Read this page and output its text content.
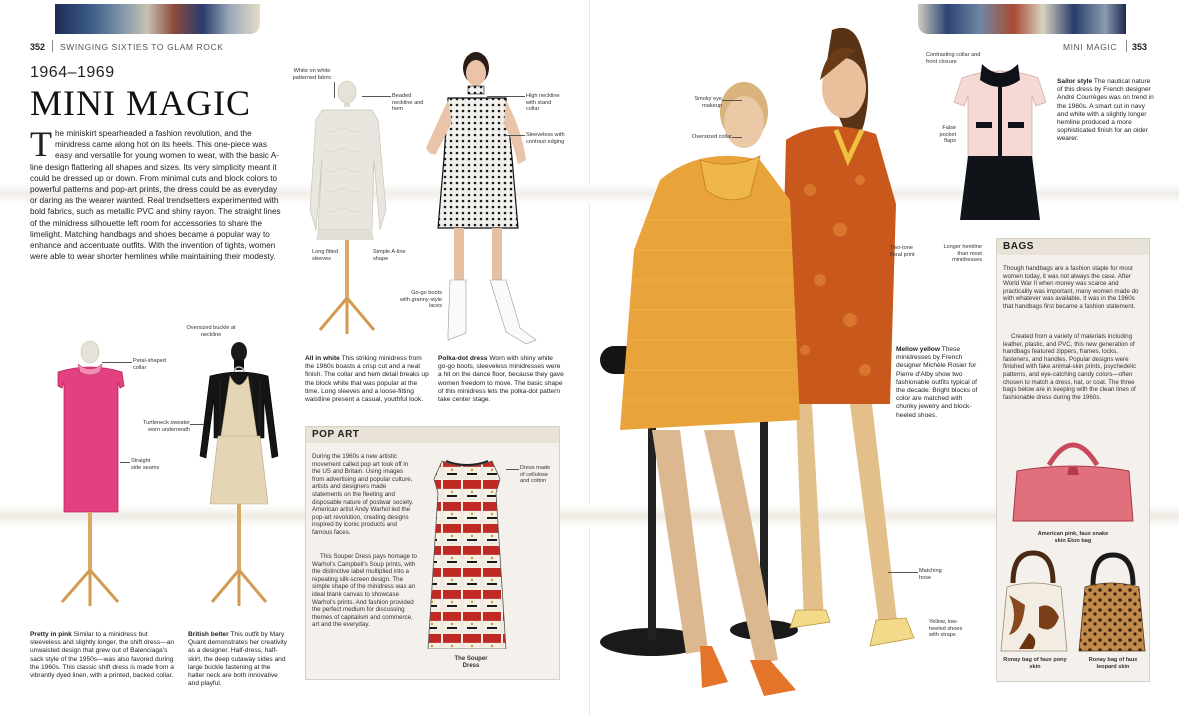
352 SWINGING SIXTIES TO GLAM ROCK	MINI MAGIC 353
1964–1969
MINI MAGIC
The miniskirt spearheaded a fashion revolution, and the minidress came along hot on its heels. This one-piece was easy and versatile for young women to wear, with the basic A-line design flattering all shapes and sizes. Its very simplicity meant it could be dressed up or down. From minimal cuts and block colors to powerful patterns and pop-art prints, the dress could be as everyday or daring as the wearer wanted. Real trendsetters experimented with bold fabrics, such as metallic PVC and shiny rayon. The straight lines of the minidress silhouette left room for accessories to share the limelight. Matching handbags and shoes became a popular way to enhance and accentuate outfits. With the invention of tights, women were able to wear shorter hemlines while maintaining their modesty.
White on white patterned fabric
Beaded neckline and hem
Long fitted sleeves
Simple A-line shape
All in white This striking minidress from the 1960s boasts a crisp cut and a neat finish. The collar and hem detail breaks up the block white that was popular at the time. Long sleeves and a loose-fitting waistline present a casual, youthful look.
High neckline with stand collar
Sleeveless with contrast edging
Go-go boots with granny-style laces
Polka-dot dress Worn with shiny white go-go boots, sleeveless minidresses were a hit on the dance floor, because they gave women freedom to move. The basic shape of this minidress lets the polka-dot pattern take center stage.
Petal-shaped collar
Straight side seams
Pretty in pink Similar to a minidress but sleeveless and slightly longer, the shift dress—an unwaisted design that grew out of Balenciaga's sack style of the 1950s—was also favored during the 1960s. This classic shift dress is made from a vibrantly dyed linen, with a printed, backed collar.
Oversized buckle at neckline
Turtleneck sweater worn underneath
British belter This outfit by Mary Quant demonstrates her creativity as a designer. Half-dress, half-skirt, the deep cutaway sides and large buckle fastening at the halter neck are both innovative and playful.
POP ART
During the 1960s a new artistic movement called pop art took off in the US and Britain. Using images from advertising and popular culture, artists and designers made statements on the fleeting and disposable nature of postwar society. American artist Andy Warhol led the pop-art revolution, creating designs inspired by iconic products and famous faces.
This Souper Dress pays homage to Warhol's Campbell's Soup prints, with the distinctive label multiplied into a repeating silk-screen design. The simple shape of the minidress was an ideal blank canvas to showcase Warhol's prints. And fashion provided the perfect medium for discussing themes of capitalism and commerce, art and the everyday.
Dress made of cellulose and cotton
The Souper Dress
Smoky eye makeup
Oversized collar
Two-tone floral print
Matching hose
Yellow, low-heeled shoes with straps
Mellow yellow These minidresses by French designer Michèle Rosier for Pierre d'Alby show two fashionable outfits typical of the decade. Bright blocks of color are matched with chunky jewelry and block-heeled shoes.
Contrasting collar and front closure
False pocket flaps
Longer hemline than most minidresses
Sailor style The nautical nature of this dress by French designer André Courrèges was on trend in the 1960s. A smart cut in navy and white with a slightly longer hemline produced a more sophisticated finish for an older wearer.
BAGS
Though handbags are a fashion staple for most women today, it was not always the case. After World War II when money was scarce and practicality was important, many women made do with whatever was available. It was in the 1960s that handbags first became a fashion statement.
Created from a variety of materials including leather, plastic, and PVC, this new generation of handbags featured zippers, frames, locks, fasteners, and handles. Popular designs were finished with fake animal-skin prints, psychedelic patterns, and eye-catching candy colors—often chosen to match a dress, hat, or coat. The three bags below are in keeping with the clean lines of fashionable dress during the 1960s.
American pink, faux snake skin Eton bag
Ronay bag of faux pony skin
Ronay bag of faux leopard skin
